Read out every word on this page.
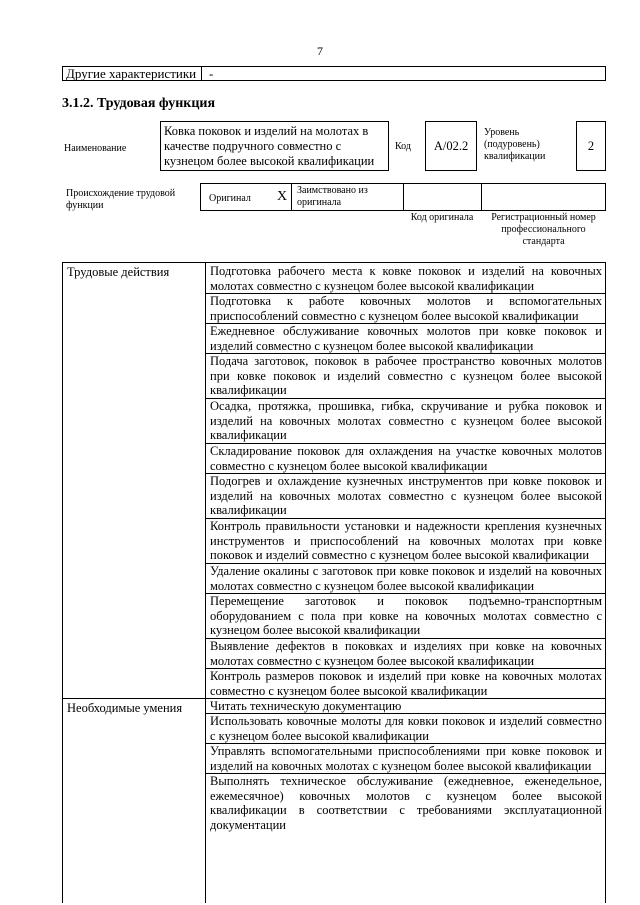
7
Другие характеристики -
3.1.2. Трудовая функция
Наименование
Ковка поковок и изделий на молотах в качестве подручного совместно с кузнецом более высокой квалификации
Код	A/02.2
Уровень (подуровень) квалификации
2
Происхождение трудовой функции
Оригинал X Заимствовано из оригинала
Код оригинала	Регистрационный номер профессионального стандарта
Трудовые действия	Подготовка рабочего места к ковке поковок и изделий на ковочных молотах совместно с кузнецом более высокой квалификации
Подготовка к работе ковочных молотов и вспомогательных приспособлений совместно с кузнецом более высокой квалификации
Ежедневное обслуживание ковочных молотов при ковке поковок и изделий совместно с кузнецом более высокой квалификации
Подача заготовок, поковок в рабочее пространство ковочных молотов при ковке поковок и изделий совместно с кузнецом более высокой квалификации
Осадка, протяжка, прошивка, гибка, скручивание и рубка поковок и изделий на ковочных молотах совместно с кузнецом более высокой квалификации
Складирование поковок для охлаждения на участке ковочных молотов совместно с кузнецом более высокой квалификации
Подогрев и охлаждение кузнечных инструментов при ковке поковок и изделий на ковочных молотах совместно с кузнецом более высокой квалификации
Контроль правильности установки и надежности крепления кузнечных инструментов и приспособлений на ковочных молотах при ковке поковок и изделий совместно с кузнецом более высокой квалификации
Удаление окалины с заготовок при ковке поковок и изделий на ковочных молотах совместно с кузнецом более высокой квалификации
Перемещение заготовок и поковок подъемно-транспортным оборудованием с пола при ковке на ковочных молотах совместно с кузнецом более высокой квалификации
Выявление дефектов в поковках и изделиях при ковке на ковочных молотах совместно с кузнецом более высокой квалификации
Контроль размеров поковок и изделий при ковке на ковочных молотах совместно с кузнецом более высокой квалификации
Необходимые умения Читать техническую документацию
Использовать ковочные молоты для ковки поковок и изделий совместно с кузнецом более высокой квалификации
Управлять вспомогательными приспособлениями при ковке поковок и изделий на ковочных молотах с кузнецом более высокой квалификации
Выполнять техническое обслуживание (ежедневное, еженедельное, ежемесячное) ковочных молотов с кузнецом более высокой квалификации в соответствии с требованиями эксплуатационной документации
